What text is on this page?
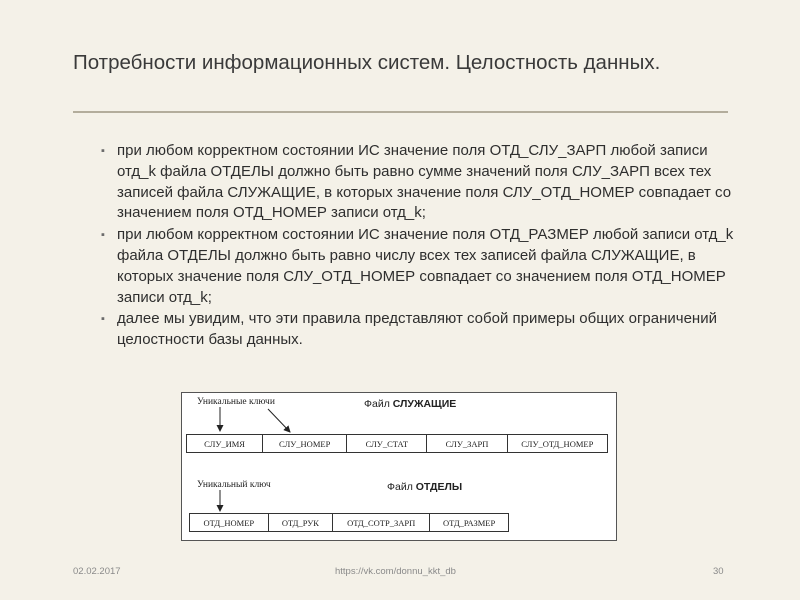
Потребности информационных систем. Целостность данных.
▪ при любом корректном состоянии ИС значение поля ОТД_СЛУ_ЗАРП любой записи отд_k файла ОТДЕЛЫ должно быть равно сумме значений поля СЛУ_ЗАРП всех тех записей файла СЛУЖАЩИЕ, в которых значение поля СЛУ_ОТД_НОМЕР совпадает со значением поля ОТД_НОМЕР записи отд_k;
▪ при любом корректном состоянии ИС значение поля ОТД_РАЗМЕР любой записи отд_k файла ОТДЕЛЫ должно быть равно числу всех тех записей файла СЛУЖАЩИЕ, в которых значение поля СЛУ_ОТД_НОМЕР совпадает со значением поля ОТД_НОМЕР записи отд_k;
▪ далее мы увидим, что эти правила представляют собой примеры общих ограничений целостности базы данных.
Уникальные ключи	Файл СЛУЖАЩИЕ
СЛУ_ИМЯ	СЛУ_НОМЕР	СЛУ_СТАТ	СЛУ_ЗАРП	СЛУ_ОТД_НОМЕР
Уникальный ключ	Файл ОТДЕЛЫ
ОТД_НОМЕР	ОТД_РУК	ОТД_СОТР_ЗАРП	ОТД_РАЗМЕР
02.02.2017	https://vk.com/donnu_kkt_db	30
